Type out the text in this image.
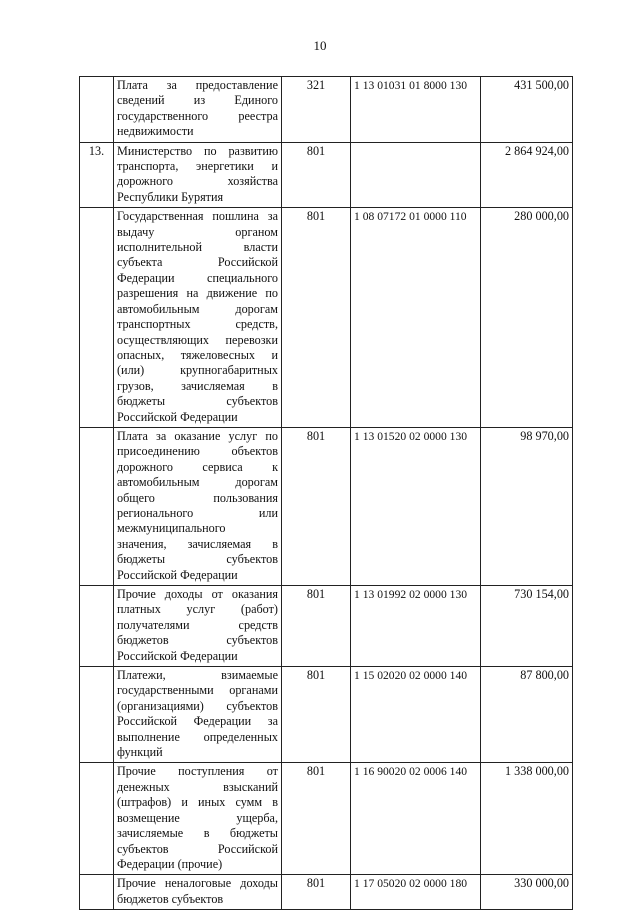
10
	Плата за предоставление сведений из Единого государственного реестра недвижимости	321	1 13 01031 01 8000 130	431 500,00
13.	Министерство по развитию транспорта, энергетики и дорожного хозяйства Республики Бурятия	801		2 864 924,00
	Государственная пошлина за выдачу органом исполнительной власти субъекта Российской Федерации специального разрешения на движение по автомобильным дорогам транспортных средств, осуществляющих перевозки опасных, тяжеловесных и (или) крупногабаритных грузов, зачисляемая в бюджеты субъектов Российской Федерации	801	1 08 07172 01 0000 110	280 000,00
	Плата за оказание услуг по присоединению объектов дорожного сервиса к автомобильным дорогам общего пользования регионального или межмуниципального значения, зачисляемая в бюджеты субъектов Российской Федерации	801	1 13 01520 02 0000 130	98 970,00
	Прочие доходы от оказания платных услуг (работ) получателями средств бюджетов субъектов Российской Федерации	801	1 13 01992 02 0000 130	730 154,00
	Платежи, взимаемые государственными органами (организациями) субъектов Российской Федерации за выполнение определенных функций	801	1 15 02020 02 0000 140	87 800,00
	Прочие поступления от денежных взысканий (штрафов) и иных сумм в возмещение ущерба, зачисляемые в бюджеты субъектов Российской Федерации (прочие)	801	1 16 90020 02 0006 140	1 338 000,00
	Прочие неналоговые доходы бюджетов субъектов	801	1 17 05020 02 0000 180	330 000,00
